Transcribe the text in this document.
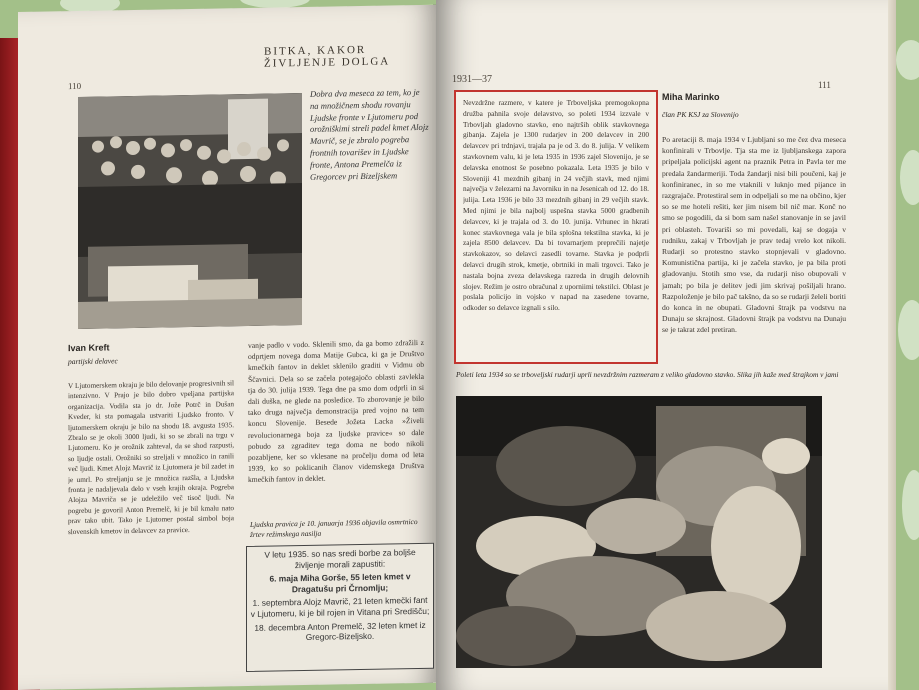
BITKA, KAKOR ŽIVLJENJE DOLGA
110
Dobra dva meseca za tem, ko je na množičnem shodu rovanju Ljudske fronte v Ljutomeru pod orožniškimi streli padel kmet Alojz Mavrič, se je zbralo pogreba frontnih tovarišev in Ljudske fronte, Antona Premelča iz Gregorcev pri Bizeljskem
Ivan Kreft
partijski delavec
V Ljutomerskem okraju je bilo delovanje progresivnih sil intenzivno. V Prajo je bilo dobro vpeljana partijska organizacija. Vodila sta jo dr. Jože Potrč in Dušan Kveder, ki sta pomagala ustvariti Ljudsko fronto. V ljutomerskem okraju je bilo na shodu 18. avgusta 1935. Zbralo se je okoli 3000 ljudi, ki so se zbrali na trgu v Ljutomeru. Ko je orožnik zahteval, da se shod razpusti, so ljudje ostali. Orožniki so streljali v množico in ranili več ljudi. Kmet Alojz Mavrič iz Ljutomera je bil zadet in je umrl. Po streljanju se je množica razšla, a Ljudska fronta je nadaljevala delo v vseh krajih okraja. Pogreba Alojza Mavriča se je udeležilo več tisoč ljudi. Na pogrebu je govoril Anton Premelč, ki je bil kmalu nato prav tako ubit. Tako je Ljutomer postal simbol boja slovenskih kmetov in delavcev za pravice.
vanje padlo v vodo. Sklenili smo, da ga bomo zdražili z odprtjem novega doma Matije Gubca, ki ga je Društvo kmečkih fantov in deklet sklenilo graditi v Vidmu ob Ščavnici. Dela so se začela potegajočo oblasti zavlekla tja do 30. julija 1939. Tega dne pa smo dom odprli in si dali duška, ne glede na posledice. To zborovanje je bilo tako druga največja demonstracija pred vojno na tem koncu Slovenije. Besede Jožeta Lacka »Živeli revolucionarnega boja za ljudske pravice« so dale pobudo za zgraditev tega doma ne bodo nikoli pozabljene, ker so vklesane na pročelju doma od leta 1939, ko so poklicanih članov videmskega Društva kmečkih fantov in deklet.
Ljudska pravica je 10. januarja 1936 objavila osmrtnico žrtev režimskega nasilja
V letu 1935. so nas sredi borbe za boljše življenje morali zapustiti:
6. maja Miha Gorše, 55 leten kmet v Dragatušu pri Črnomlju;
1. septembra Alojz Mavrič, 21 leten kmečki fant v Ljutomeru, ki je bil rojen in Vitana pri Središču;
18. decembra Anton Premelč, 32 leten kmet iz Gregorc-Bizeljsko.
1931—37	111
Nevzdržne razmere, v katere je Trboveljska premogokopna družba pahnila svoje delavstvo, so poleti 1934 izzvale v Trbovljah gladovno stavko, eno najtrših oblik stavkovnega gibanja. Zajela je 1300 rudarjev in 200 delavcev in 200 delavcev pri trdnjavi, trajala pa je od 3. do 8. julija. V velikem stavkovnem valu, ki je leta 1935 in 1936 zajel Slovenijo, je se delavska enotnost še posebno pokazala. Leta 1935 je bilo v Sloveniji 41 mezdnih gibanj in 24 večjih stavk, med njimi največja v železarni na Javorniku in na Jesenicah od 12. do 18. julija. Leta 1936 je bilo 33 mezdnih gibanj in 29 večjih stavk. Med njimi je bila najbolj uspešna stavka 5000 gradbenih delavcev, ki je trajala od 3. do 10. junija. Vrhunec in hkrati konec stavkovnega vala je bila splošna tekstilna stavka, ki je zajela 8500 delavcev. Da bi tovarnarjem preprečili najetje stavkokazov, so delavci zasedli tovarne. Stavka je podprli delavci drugih strok, kmetje, obrtniki in mali trgovci. Tako je nastala bojna zveza delavskega razreda in drugih delovnih slojev. Režim je ostro obračunal z uporniimi tekstilci. Oblast je poslala policijo in vojsko v napad na zasedene tovarne, odkoder so delavce izgnali s silo.
Miha Marinko
član PK KSJ za Slovenijo
Po aretaciji 8. maja 1934 v Ljubljani so me čez dva meseca konfinirali v Trbovlje. Tja sta me iz ljubljanskega zapora pripeljala policijski agent na praznik Petra in Pavla ter me predala žandarmeriji. Toda žandarji nisi bili poučeni, kaj je konfiniranec, in so me vtaknili v luknjo med pijance in razgrajače. Protestiral sem in odpeljali so me na občino, kjer so se me hoteli rešiti, ker jim nisem bil nič mar. Konč no smo se pogodili, da si bom sam našel stanovanje in se javil pri oblasteh. Tovariši so mi povedali, kaj se dogaja v rudniku, zakaj v Trbovljah je prav tedaj vrelo kot nikoli. Rudarji so protestno stavko stopnjevali v gladovno. Komunistična partija, ki je začela stavko, je pa bila proti gladovanju. Stotih smo vse, da rudarji niso obupovali v jamah; po bila je delitev jedi jim skrivaj pošiljali hrano. Razpoloženje je bilo pač takšno, da so se rudarji želeli boriti do konca in ne obupati. Gladovni štrajk pa vodstvu na Dunaju se skrajnost. Gladovni štrajk pa vodstvu na Dunaju se je takrat zdel pretiran.
Poleti leta 1934 so se trboveljski rudarji uprli nevzdržnim razmeram z veliko gladovno stavko. Slika jih kaže med štrajkom v jami
